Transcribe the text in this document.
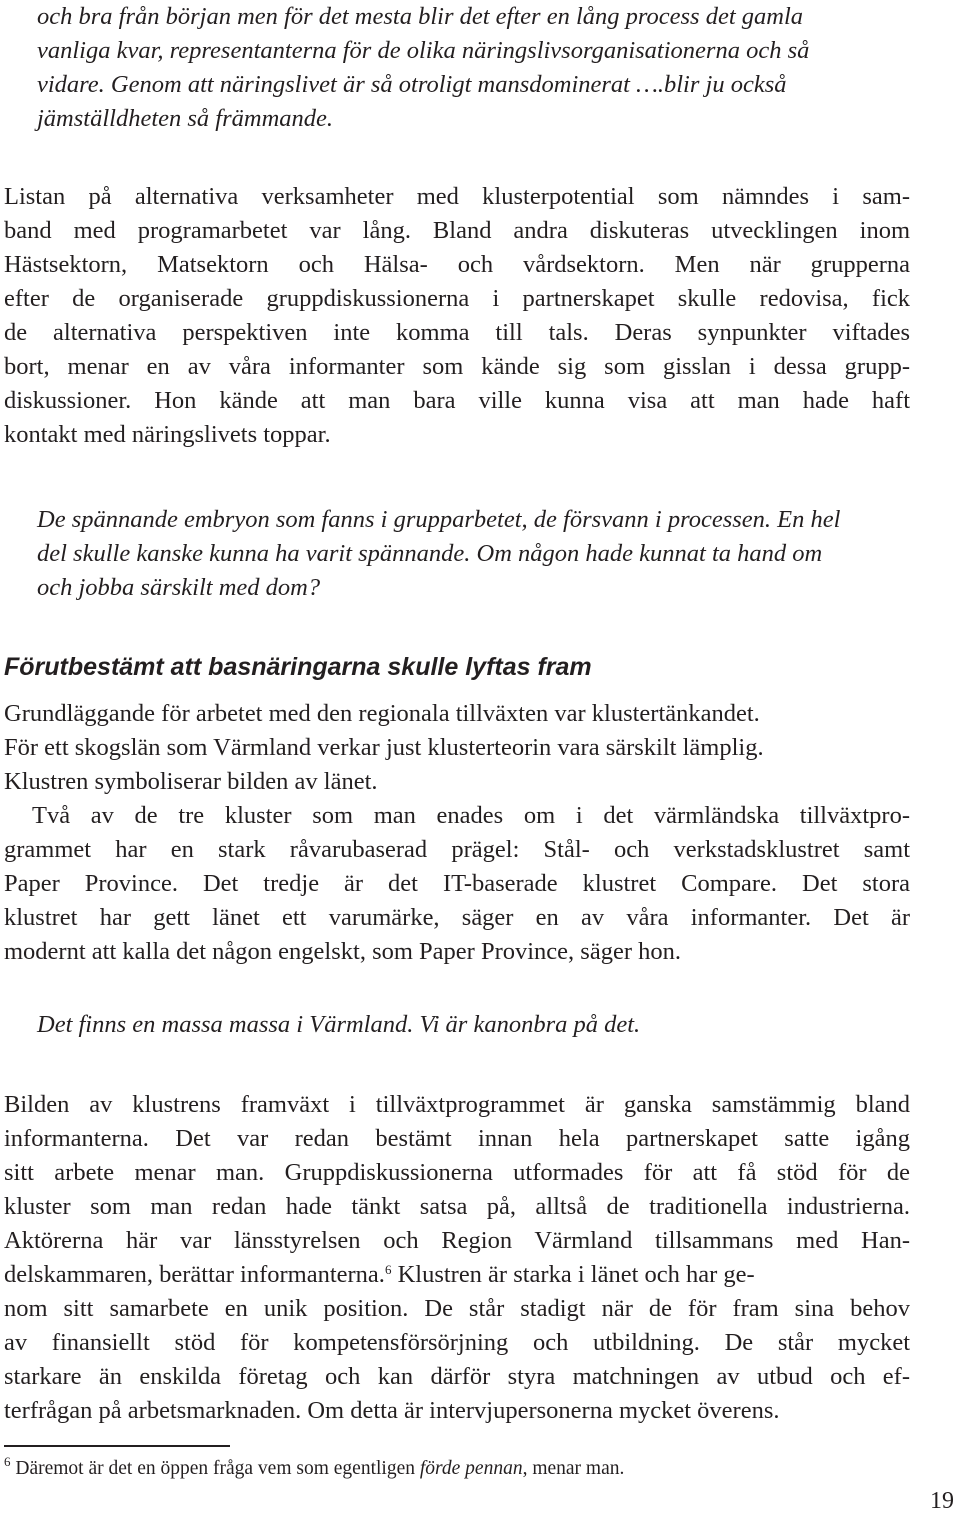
och bra från början men för det mesta blir det efter en lång process det gamla
vanliga kvar, representanterna för de olika näringslivsorganisationerna och så
vidare. Genom att näringslivet är så otroligt mansdominerat ….blir ju också
jämställdheten så främmande.
Listan på alternativa verksamheter med klusterpotential som nämndes i sam-
band med programarbetet var lång. Bland andra diskuteras utvecklingen inom
Hästsektorn, Matsektorn och Hälsa- och vårdsektorn. Men när grupperna
efter de organiserade gruppdiskussionerna i partnerskapet skulle redovisa, fick
de alternativa perspektiven inte komma till tals. Deras synpunkter viftades
bort, menar en av våra informanter som kände sig som gisslan i dessa grupp-
diskussioner. Hon kände att man bara ville kunna visa att man hade haft
kontakt med näringslivets toppar.
De spännande embryon som fanns i grupparbetet, de försvann i processen. En hel
del skulle kanske kunna ha varit spännande. Om någon hade kunnat ta hand om
och jobba särskilt med dom?
Förutbestämt att basnäringarna skulle lyftas fram
Grundläggande för arbetet med den regionala tillväxten var klustertänkandet.
För ett skogslän som Värmland verkar just klusterteorin vara särskilt lämplig.
Klustren symboliserar bilden av länet.
Två av de tre kluster som man enades om i det värmländska tillväxtpro-
grammet har en stark råvarubaserad prägel: Stål- och verkstadsklustret samt
Paper Province. Det tredje är det IT-baserade klustret Compare. Det stora
klustret har gett länet ett varumärke, säger en av våra informanter. Det är
modernt att kalla det någon engelskt, som Paper Province, säger hon.
Det finns en massa massa i Värmland. Vi är kanonbra på det.
Bilden av klustrens framväxt i tillväxtprogrammet är ganska samstämmig bland
informanterna. Det var redan bestämt innan hela partnerskapet satte igång
sitt arbete menar man. Gruppdiskussionerna utformades för att få stöd för de
kluster som man redan hade tänkt satsa på, alltså de traditionella industrierna.
Aktörerna här var länsstyrelsen och Region Värmland tillsammans med Han-
delskammaren, berättar informanterna.$^6$ Klustren är starka i länet och har ge-
nom sitt samarbete en unik position. De står stadigt när de för fram sina behov
av finansiellt stöd för kompetensförsörjning och utbildning. De står mycket
starkare än enskilda företag och kan därför styra matchningen av utbud och ef-
terfrågan på arbetsmarknaden. Om detta är intervjupersonerna mycket överens.
$^6$ Däremot är det en öppen fråga vem som egentligen förde pennan, menar man.
19
